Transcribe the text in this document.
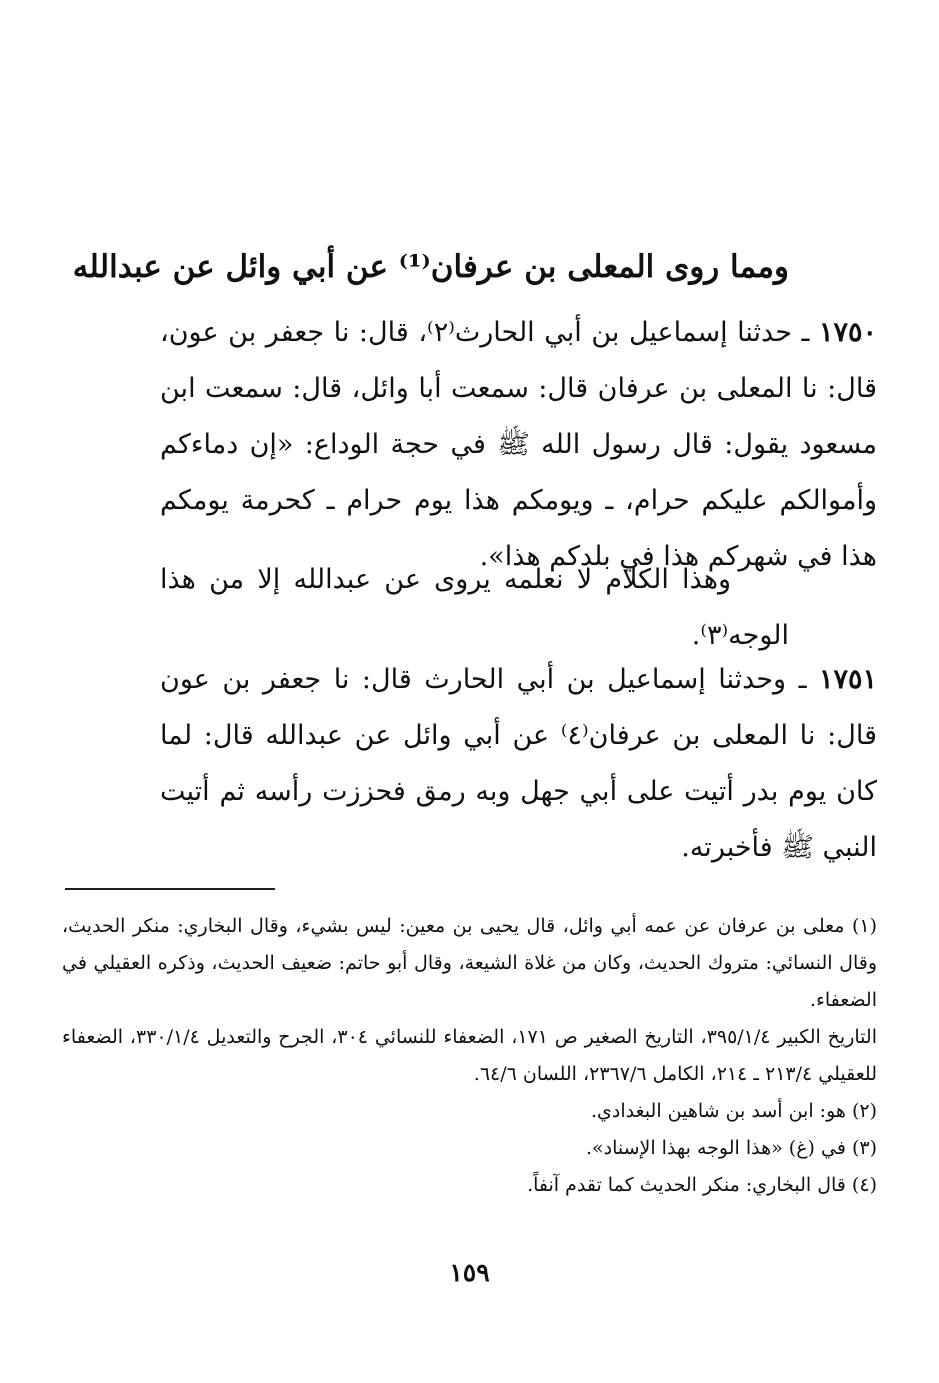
ومما روى المعلى بن عرفان⁽¹⁾ عن أبي وائل عن عبدالله
١٧٥٠ ـ حدثنا إسماعيل بن أبي الحارث⁽٢⁾، قال: نا جعفر بن عون، قال: نا المعلى بن عرفان قال: سمعت أبا وائل، قال: سمعت ابن مسعود يقول: قال رسول الله ﷺ في حجة الوداع: «إن دماءكم وأموالكم عليكم حرام، ـ ويومكم هذا يوم حرام ـ كحرمة يومكم هذا في شهركم هذا في بلدكم هذا».
وهذا الكلام لا نعلمه يروى عن عبدالله إلا من هذا الوجه⁽٣⁾.
١٧٥١ ـ وحدثنا إسماعيل بن أبي الحارث قال: نا جعفر بن عون قال: نا المعلى بن عرفان⁽٤⁾ عن أبي وائل عن عبدالله قال: لما كان يوم بدر أتيت على أبي جهل وبه رمق فحززت رأسه ثم أتيت النبي ﷺ فأخبرته.

(١) معلى بن عرفان عن عمه أبي وائل، قال يحيى بن معين: ليس بشيء، وقال البخاري: منكر الحديث، وقال النسائي: متروك الحديث، وكان من غلاة الشيعة، وقال أبو حاتم: ضعيف الحديث، وذكره العقيلي في الضعفاء.

التاريخ الكبير ٣٩٥/١/٤، التاريخ الصغير ص ١٧١، الضعفاء للنسائي ٣٠٤، الجرح والتعديل ٣٣٠/١/٤، الضعفاء للعقيلي ٢١٣/٤ ـ ٢١٤، الكامل ٢٣٦٧/٦، اللسان ٦٤/٦.

(٢) هو: ابن أسد بن شاهين البغدادي.

(٣) في (غ) «هذا الوجه بهذا الإسناد».

(٤) قال البخاري: منكر الحديث كما تقدم آنفاً.

١٥٩
